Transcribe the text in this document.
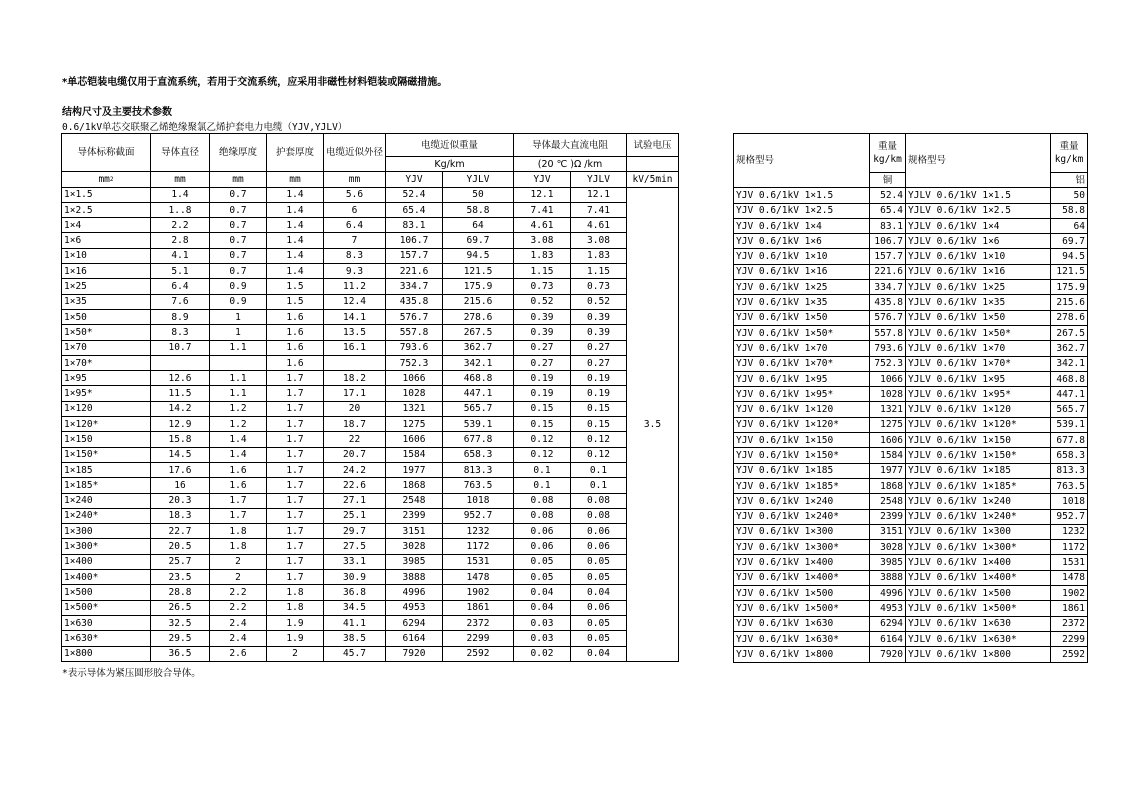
*单芯铠装电缆仅用于直流系统，若用于交流系统，应采用非磁性材料铠装或隔磁措施。
结构尺寸及主要技术参数
0.6/1kV单芯交联聚乙烯绝缘聚氯乙烯护套电力电缆（YJV,YJLV）
导体标称截面	导体直径	绝缘厚度	护套厚度	电缆近似外径	电缆近似重量		导体最大直流电阻		试验电压
					Kg/km		(20 ℃ )Ω /km		
$mm^2$	mm	mm	mm	mm	YJV	YJLV	YJV	YJLV	kV/5min
1×1.5	1.4	0.7	1.4	5.6	52.4	50	12.1	12.1	3.5
1×2.5	1..8	0.7	1.4	6	65.4	58.8	7.41	7.41	
1×4	2.2	0.7	1.4	6.4	83.1	64	4.61	4.61	
1×6	2.8	0.7	1.4	7	106.7	69.7	3.08	3.08	
1×10	4.1	0.7	1.4	8.3	157.7	94.5	1.83	1.83	
1×16	5.1	0.7	1.4	9.3	221.6	121.5	1.15	1.15	
1×25	6.4	0.9	1.5	11.2	334.7	175.9	0.73	0.73	
1×35	7.6	0.9	1.5	12.4	435.8	215.6	0.52	0.52	
1×50	8.9	1	1.6	14.1	576.7	278.6	0.39	0.39	
1×50*	8.3	1	1.6	13.5	557.8	267.5	0.39	0.39	
1×70	10.7	1.1	1.6	16.1	793.6	362.7	0.27	0.27	
1×70*			1.6		752.3	342.1	0.27	0.27	
1×95	12.6	1.1	1.7	18.2	1066	468.8	0.19	0.19	
1×95*	11.5	1.1	1.7	17.1	1028	447.1	0.19	0.19	
1×120	14.2	1.2	1.7	20	1321	565.7	0.15	0.15	
1×120*	12.9	1.2	1.7	18.7	1275	539.1	0.15	0.15	
1×150	15.8	1.4	1.7	22	1606	677.8	0.12	0.12	
1×150*	14.5	1.4	1.7	20.7	1584	658.3	0.12	0.12	
1×185	17.6	1.6	1.7	24.2	1977	813.3	0.1	0.1	
1×185*	16	1.6	1.7	22.6	1868	763.5	0.1	0.1	
1×240	20.3	1.7	1.7	27.1	2548	1018	0.08	0.08	
1×240*	18.3	1.7	1.7	25.1	2399	952.7	0.08	0.08	
1×300	22.7	1.8	1.7	29.7	3151	1232	0.06	0.06	
1×300*	20.5	1.8	1.7	27.5	3028	1172	0.06	0.06	
1×400	25.7	2	1.7	33.1	3985	1531	0.05	0.05	
1×400*	23.5	2	1.7	30.9	3888	1478	0.05	0.05	
1×500	28.8	2.2	1.8	36.8	4996	1902	0.04	0.04	
1×500*	26.5	2.2	1.8	34.5	4953	1861	0.04	0.06	
1×630	32.5	2.4	1.9	41.1	6294	2372	0.03	0.05	
1×630*	29.5	2.4	1.9	38.5	6164	2299	0.03	0.05	
1×800	36.5	2.6	2	45.7	7920	2592	0.02	0.04	
规格型号	重量
kg/km	规格型号	重量
kg/km
	铜		铝
YJV 0.6/1kV 1×1.5	52.4	YJLV 0.6/1kV 1×1.5	50
YJV 0.6/1kV 1×2.5	65.4	YJLV 0.6/1kV 1×2.5	58.8
YJV 0.6/1kV 1×4	83.1	YJLV 0.6/1kV 1×4	64
YJV 0.6/1kV 1×6	106.7	YJLV 0.6/1kV 1×6	69.7
YJV 0.6/1kV 1×10	157.7	YJLV 0.6/1kV 1×10	94.5
YJV 0.6/1kV 1×16	221.6	YJLV 0.6/1kV 1×16	121.5
YJV 0.6/1kV 1×25	334.7	YJLV 0.6/1kV 1×25	175.9
YJV 0.6/1kV 1×35	435.8	YJLV 0.6/1kV 1×35	215.6
YJV 0.6/1kV 1×50	576.7	YJLV 0.6/1kV 1×50	278.6
YJV 0.6/1kV 1×50*	557.8	YJLV 0.6/1kV 1×50*	267.5
YJV 0.6/1kV 1×70	793.6	YJLV 0.6/1kV 1×70	362.7
YJV 0.6/1kV 1×70*	752.3	YJLV 0.6/1kV 1×70*	342.1
YJV 0.6/1kV 1×95	1066	YJLV 0.6/1kV 1×95	468.8
YJV 0.6/1kV 1×95*	1028	YJLV 0.6/1kV 1×95*	447.1
YJV 0.6/1kV 1×120	1321	YJLV 0.6/1kV 1×120	565.7
YJV 0.6/1kV 1×120*	1275	YJLV 0.6/1kV 1×120*	539.1
YJV 0.6/1kV 1×150	1606	YJLV 0.6/1kV 1×150	677.8
YJV 0.6/1kV 1×150*	1584	YJLV 0.6/1kV 1×150*	658.3
YJV 0.6/1kV 1×185	1977	YJLV 0.6/1kV 1×185	813.3
YJV 0.6/1kV 1×185*	1868	YJLV 0.6/1kV 1×185*	763.5
YJV 0.6/1kV 1×240	2548	YJLV 0.6/1kV 1×240	1018
YJV 0.6/1kV 1×240*	2399	YJLV 0.6/1kV 1×240*	952.7
YJV 0.6/1kV 1×300	3151	YJLV 0.6/1kV 1×300	1232
YJV 0.6/1kV 1×300*	3028	YJLV 0.6/1kV 1×300*	1172
YJV 0.6/1kV 1×400	3985	YJLV 0.6/1kV 1×400	1531
YJV 0.6/1kV 1×400*	3888	YJLV 0.6/1kV 1×400*	1478
YJV 0.6/1kV 1×500	4996	YJLV 0.6/1kV 1×500	1902
YJV 0.6/1kV 1×500*	4953	YJLV 0.6/1kV 1×500*	1861
YJV 0.6/1kV 1×630	6294	YJLV 0.6/1kV 1×630	2372
YJV 0.6/1kV 1×630*	6164	YJLV 0.6/1kV 1×630*	2299
YJV 0.6/1kV 1×800	7920	YJLV 0.6/1kV 1×800	2592
*表示导体为紧压圆形胶合导体。
